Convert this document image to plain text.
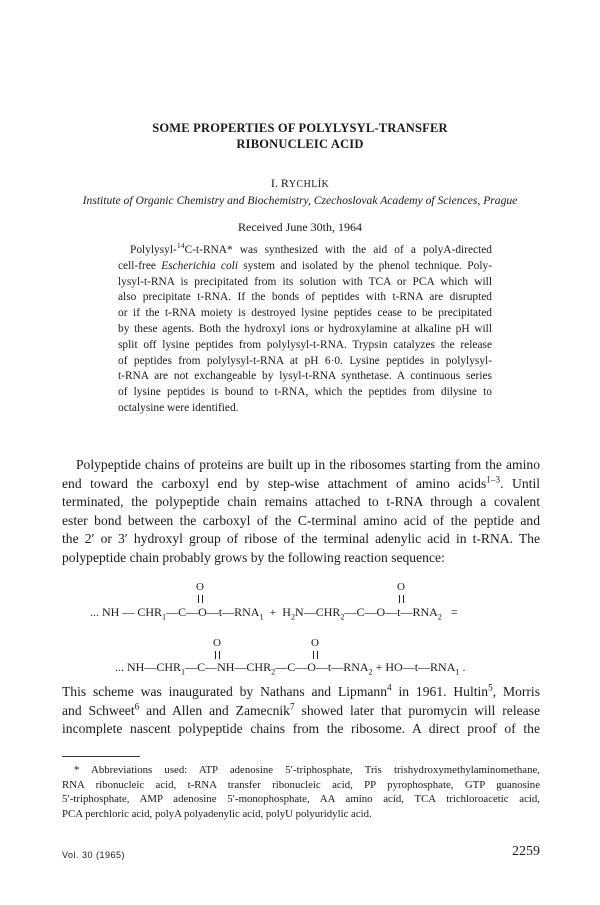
SOME PROPERTIES OF POLYLYSYL-TRANSFER
RIBONUCLEIC ACID
I. RYCHLÍK
Institute of Organic Chemistry and Biochemistry, Czechoslovak Academy of Sciences, Prague
Received June 30th, 1964
Polylysyl-$^{14}$C-t-RNA* was synthesized with the aid of a polyA-directed
cell-free Escherichia coli system and isolated by the phenol technique. Poly-
lysyl-t-RNA is precipitated from its solution with TCA or PCA which will
also precipitate t-RNA. If the bonds of peptides with t-RNA are disrupted
or if the t-RNA moiety is destroyed lysine peptides cease to be precipitated
by these agents. Both the hydroxyl ions or hydroxylamine at alkaline pH will
split off lysine peptides from polylysyl-t-RNA. Trypsin catalyzes the release
of peptides from polylysyl-t-RNA at pH 6·0. Lysine peptides in polylysyl-
t-RNA are not exchangeable by lysyl-t-RNA synthetase. A continuous series
of lysine peptides is bound to t-RNA, which the peptides from dilysine to
octalysine were identified.
Polypeptide chains of proteins are built up in the ribosomes starting from the amino
end toward the carboxyl end by step-wise attachment of amino acids$^{1-3}$. Until
terminated, the polypeptide chain remains attached to t-RNA through a covalent
ester bond between the carboxyl of the C-terminal amino acid of the peptide and
the 2′ or 3′ hydroxyl group of ribose of the terminal adenylic acid in t-RNA. The
polypeptide chain probably grows by the following reaction sequence:
O	O
... NH — $CHR_1—C—O—t—RNA_1$  +  $H_2N—CHR_2—C—O—t—RNA_2$   =
O	O
... $NH—CHR_1—C—NH—CHR_2—C—O—t—RNA_2$ + $HO—t—RNA_1$ .
This scheme was inaugurated by Nathans and Lipmann$^4$ in 1961. Hultin$^5$, Morris
and Schweet$^6$ and Allen and Zamecnik$^7$ showed later that puromycin will release
incomplete nascent polypeptide chains from the ribosome. A direct proof of the
* Abbreviations used: ATP adenosine 5′-triphosphate, Tris trishydroxymethylaminomethane,
RNA ribonucleic acid, t-RNA transfer ribonucleic acid, PP pyrophosphate, GTP guanosine
5′-triphosphate, AMP adenosine 5′-monophosphate, AA amino acid, TCA trichloroacetic acid,
PCA perchloric acid, polyA polyadenylic acid, polyU polyuridylic acid.
Vol. 30 (1965)	2259
